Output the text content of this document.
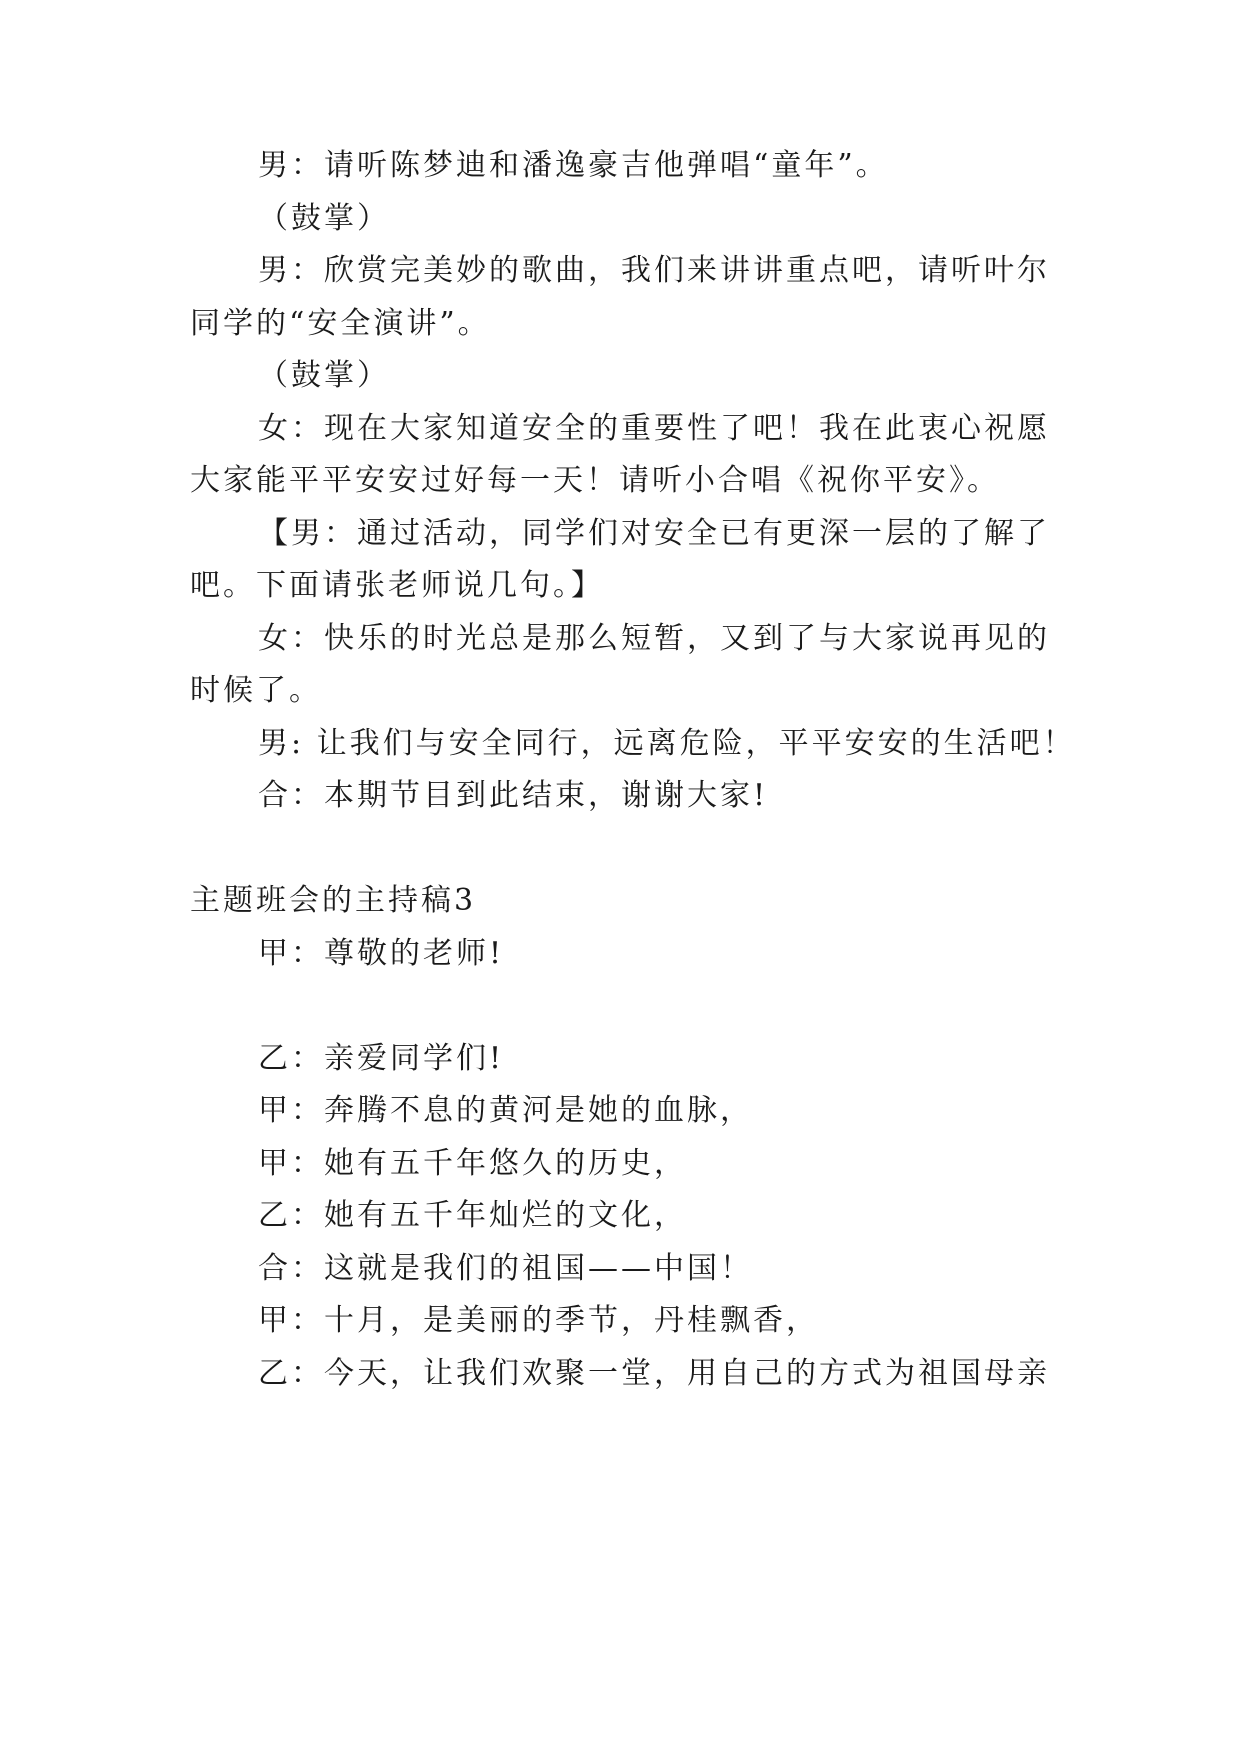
男：请听陈梦迪和潘逸豪吉他弹唱“童年”。
（鼓掌）
男：欣赏完美妙的歌曲，我们来讲讲重点吧，请听叶尔
同学的“安全演讲”。
（鼓掌）
女：现在大家知道安全的重要性了吧！我在此衷心祝愿
大家能平平安安过好每一天！请听小合唱《祝你平安》。
【男：通过活动，同学们对安全已有更深一层的了解了
吧。下面请张老师说几句。】
女：快乐的时光总是那么短暂，又到了与大家说再见的
时候了。
男: 让我们与安全同行，远离危险，平平安安的生活吧！
合：本期节目到此结束，谢谢大家!
主题班会的主持稿3
甲：尊敬的老师!
乙：亲爱同学们!
甲：奔腾不息的黄河是她的血脉，
甲：她有五千年悠久的历史，
乙：她有五千年灿烂的文化，
合：这就是我们的祖国——中国！
甲：十月，是美丽的季节，丹桂飘香，
乙：今天，让我们欢聚一堂，用自己的方式为祖国母亲
